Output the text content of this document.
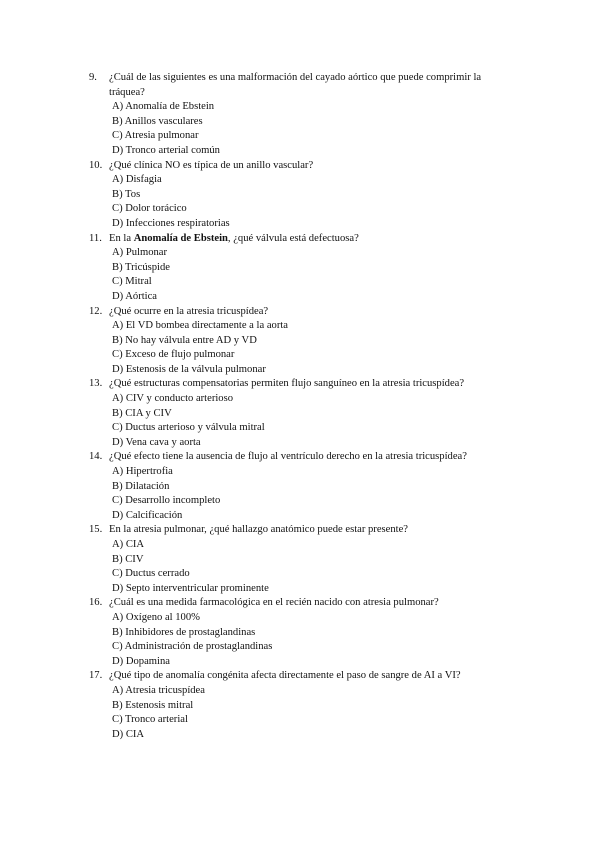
9.	¿Cuál de las siguientes es una malformación del cayado aórtico que puede comprimir la tráquea?
A) Anomalía de Ebstein
B) Anillos vasculares
C) Atresia pulmonar
D) Tronco arterial común
10. ¿Qué clínica NO es típica de un anillo vascular?
A) Disfagia
B) Tos
C) Dolor torácico
D) Infecciones respiratorias
11. En la Anomalía de Ebstein, ¿qué válvula está defectuosa?
A) Pulmonar
B) Tricúspide
C) Mitral
D) Aórtica
12. ¿Qué ocurre en la atresia tricuspídea?
A) El VD bombea directamente a la aorta
B) No hay válvula entre AD y VD
C) Exceso de flujo pulmonar
D) Estenosis de la válvula pulmonar
13. ¿Qué estructuras compensatorias permiten flujo sanguíneo en la atresia tricuspídea?
A) CIV y conducto arterioso
B) CIA y CIV
C) Ductus arterioso y válvula mitral
D) Vena cava y aorta
14. ¿Qué efecto tiene la ausencia de flujo al ventrículo derecho en la atresia tricuspídea?
A) Hipertrofia
B) Dilatación
C) Desarrollo incompleto
D) Calcificación
15. En la atresia pulmonar, ¿qué hallazgo anatómico puede estar presente?
A) CIA
B) CIV
C) Ductus cerrado
D) Septo interventricular prominente
16. ¿Cuál es una medida farmacológica en el recién nacido con atresia pulmonar?
A) Oxígeno al 100%
B) Inhibidores de prostaglandinas
C) Administración de prostaglandinas
D) Dopamina
17. ¿Qué tipo de anomalía congénita afecta directamente el paso de sangre de AI a VI?
A) Atresia tricuspídea
B) Estenosis mitral
C) Tronco arterial
D) CIA
